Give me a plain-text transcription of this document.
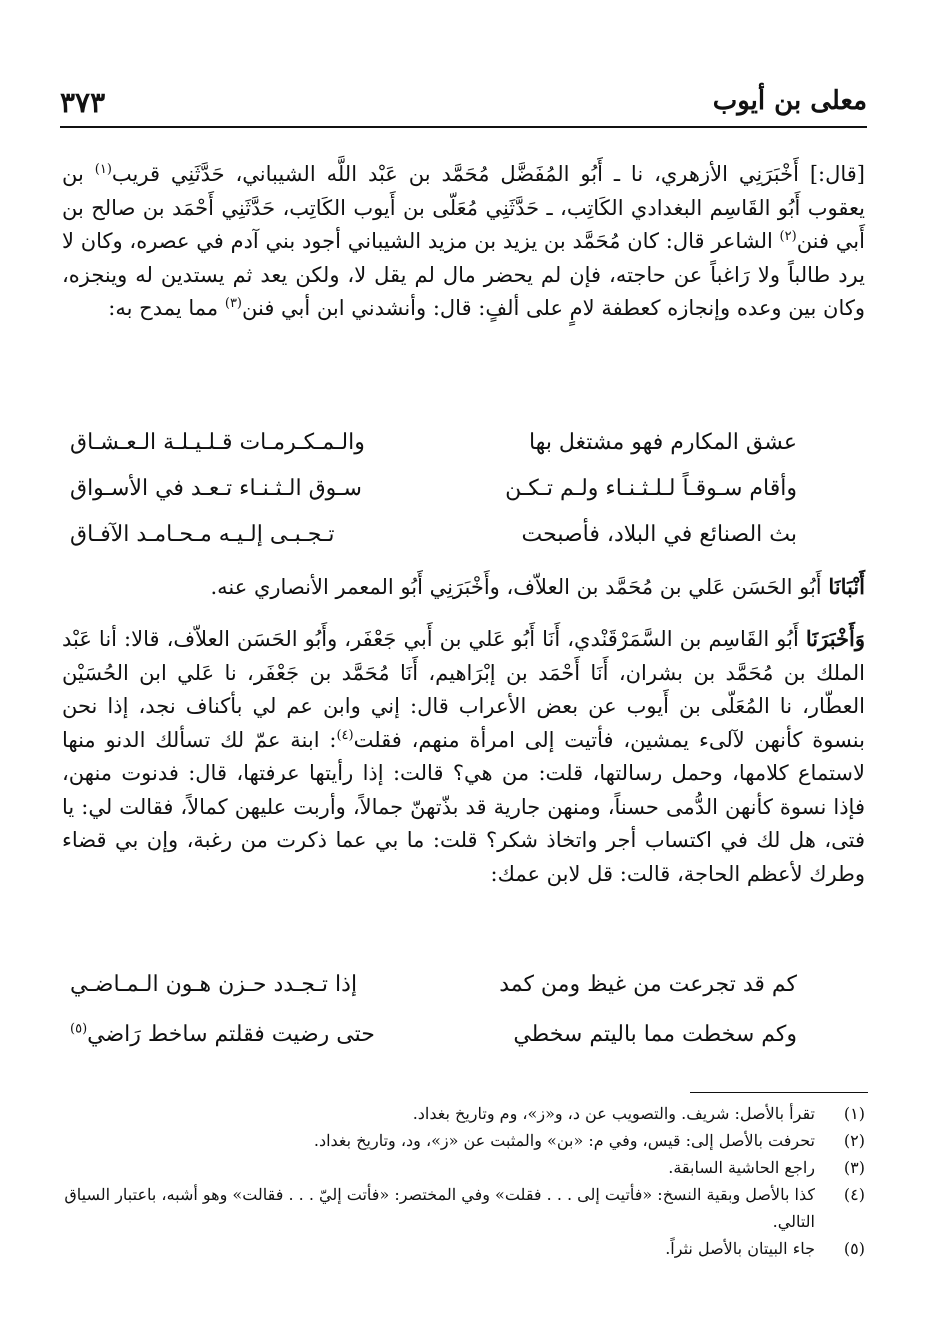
٣٧٣	معلى بن أيوب

[قال:] أَخْبَرَنِي الأزهري، نا ـ أَبُو المُفَضَّل مُحَمَّد بن عَبْد اللَّه الشيباني، حَدَّثَنِي قريب$^{(١)}$ بن يعقوب أَبُو القَاسِم البغدادي الكَاتِب، ـ حَدَّثَنِي مُعَلّى بن أَيوب الكَاتِب، حَدَّثَنِي أَحْمَد بن صالح بن أَبي فنن$^{(٢)}$ الشاعر قال: كان مُحَمَّد بن يزيد بن مزيد الشيباني أجود بني آدم في عصره، وكان لا يرد طالباً ولا رَاغباً عن حاجته، فإن لم يحضر مال لم يقل لا، ولكن يعد ثم يستدين له وينجزه، وكان بين وعده وإنجازه كعطفة لامٍ على ألفٍ: قال: وأنشدني ابن أبي فنن$^{(٣)}$ مما يمدح به:

عشق المكارم فهو مشتغل بها
والـمـكـرمـات قـلـيـلـة الـعـشـاق
وأقام سـوقـاً لـلـثـنـاء ولـم تـكـن
سـوق الـثـنـاء تـعـد في الأسـواق
بث الصنائع في البلاد، فأصبحت
تـجـبـى إلـيـه مـحـامـد الآفـاق

أَنْبَانَا أَبُو الحَسَن عَلي بن مُحَمَّد بن العلاّف، وأَخْبَرَنِي أَبُو المعمر الأنصاري عنه.

وَأَخْبَرَنَا أَبُو القَاسِم بن السَّمَرْقَنْدي، أَنَا أَبُو عَلي بن أَبي جَعْفَر، وأَبُو الحَسَن العلاّف، قالا: أنا عَبْد الملك بن مُحَمَّد بن بشران، أَنَا أَحْمَد بن إبْرَاهيم، أَنَا مُحَمَّد بن جَعْفَر، نا عَلي ابن الحُسَيْن العطّار، نا المُعَلّى بن أَيوب عن بعض الأعراب قال: إني وابن عم لي بأكناف نجد، إذا نحن بنسوة كأنهن لآلىء يمشين، فأتيت إلى امرأة منهم، فقلت$^{(٤)}$: ابنة عمّ لك تسألك الدنو منها لاستماع كلامها، وحمل رسالتها، قلت: من هي؟ قالت: إذا رأيتها عرفتها، قال: فدنوت منهن، فإذا نسوة كأنهن الدُّمى حسناً، ومنهن جارية قد بذّتهنّ جمالاً، وأربت عليهن كمالاً، فقالت لي: يا فتى، هل لك في اكتساب أجر واتخاذ شكر؟ قلت: ما بي عما ذكرت من رغبة، وإن بي قضاء وطرك لأعظم الحاجة، قالت: قل لابن عمك:

كم قد تجرعت من غيظ ومن كمد
إذا تـجـدد حـزن هـون الـمـاضـي
وكم سخطت مما باليتم سخطي
حتى رضيت فقلتم ساخط رَاضي$^{(٥)}$
(١)
تقرأ بالأصل: شريف. والتصويب عن د، و«ز»، وم وتاريخ بغداد.
(٢)
تحرفت بالأصل إلى: قيس، وفي م: «بن» والمثبت عن «ز»، ود، وتاريخ بغداد.
(٣)
راجع الحاشية السابقة.
(٤)
كذا بالأصل وبقية النسخ: «فأتيت إلى . . . فقلت» وفي المختصر: «فأتت إليّ . . . فقالت» وهو أشبه، باعتبار السياق التالي.
(٥)
جاء البيتان بالأصل نثراً.
